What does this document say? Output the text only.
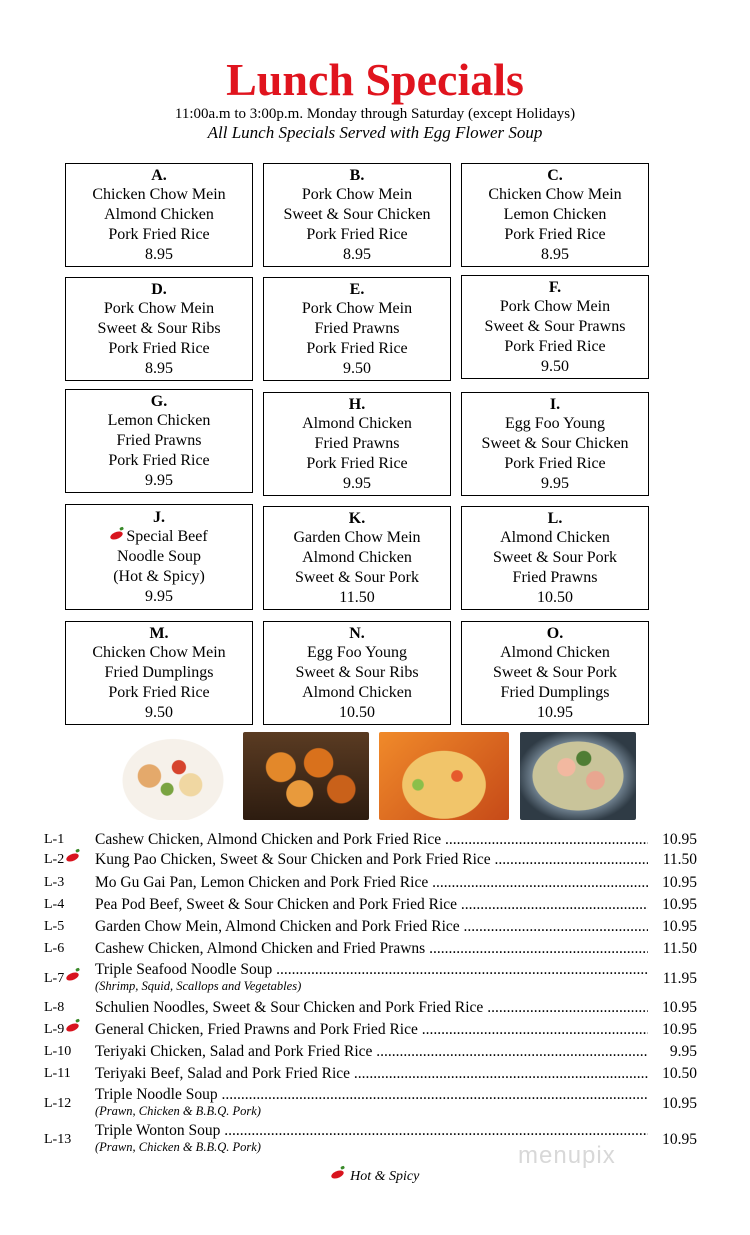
Lunch Specials
11:00a.m to 3:00p.m. Monday through Saturday (except Holidays)
All Lunch Specials Served with Egg Flower Soup
A.
Chicken Chow Mein
Almond Chicken
Pork Fried Rice
8.95
B.
Pork Chow Mein
Sweet & Sour Chicken
Pork Fried Rice
8.95
C.
Chicken Chow Mein
Lemon Chicken
Pork Fried Rice
8.95
D.
Pork Chow Mein
Sweet & Sour Ribs
Pork Fried Rice
8.95
E.
Pork Chow Mein
Fried Prawns
Pork Fried Rice
9.50
F.
Pork Chow Mein
Sweet & Sour Prawns
Pork Fried Rice
9.50
G.
Lemon Chicken
Fried Prawns
Pork Fried Rice
9.95
H.
Almond Chicken
Fried Prawns
Pork Fried Rice
9.95
I.
Egg Foo Young
Sweet & Sour Chicken
Pork Fried Rice
9.95
J.
Special Beef
Noodle Soup
(Hot & Spicy)
9.95
K.
Garden Chow Mein
Almond Chicken
Sweet & Sour Pork
11.50
L.
Almond Chicken
Sweet & Sour Pork
Fried Prawns
10.50
M.
Chicken Chow Mein
Fried Dumplings
Pork Fried Rice
9.50
N.
Egg Foo Young
Sweet & Sour Ribs
Almond Chicken
10.50
O.
Almond Chicken
Sweet & Sour Pork
Fried Dumplings
10.95
L-1 Cashew Chicken, Almond Chicken and Pork Fried Rice .....	10.95
L-2	Kung Pao Chicken, Sweet & Sour Chicken and Pork Fried Rice .....	11.50
L-3 Mo Gu Gai Pan, Lemon Chicken and Pork Fried Rice .....	10.95
L-4 Pea Pod Beef, Sweet & Sour Chicken and Pork Fried Rice .....	10.95
L-5 Garden Chow Mein, Almond Chicken and Pork Fried Rice .....	10.95
L-6 Cashew Chicken, Almond Chicken and Fried Prawns .....	11.50
L-7
Triple Seafood Noodle Soup .....
(Shrimp, Squid, Scallops and Vegetables)	11.95
L-8 Schulien Noodles, Sweet & Sour Chicken and Pork Fried Rice .....	10.95
L-9	General Chicken, Fried Prawns and Pork Fried Rice .....	10.95
L-10 Teriyaki Chicken, Salad and Pork Fried Rice .....	9.95
L-11 Teriyaki Beef, Salad and Pork Fried Rice .....	10.50
L-12
Triple Noodle Soup .....
(Prawn, Chicken & B.B.Q. Pork)	10.95
L-13
Triple Wonton Soup .....
(Prawn, Chicken & B.B.Q. Pork)	10.95
menupix
Hot & Spicy
